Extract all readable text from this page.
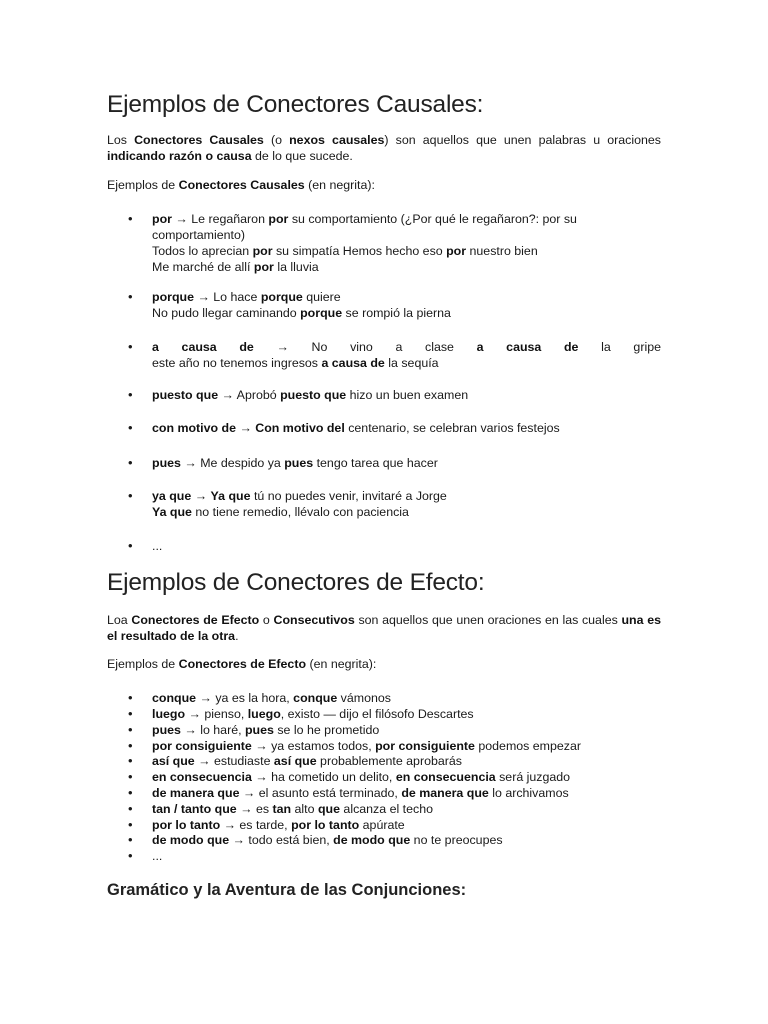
Ejemplos de Conectores Causales:

Los Conectores Causales (o nexos causales) son aquellos que unen palabras u oraciones indicando razón o causa de lo que sucede.

Ejemplos de Conectores Causales (en negrita):

• por → Le regañaron por su comportamiento (¿Por qué le regañaron?: por su comportamiento)
Todos lo aprecian por su simpatía Hemos hecho eso por nuestro bien
Me marché de allí por la lluvia
• porque → Lo hace porque quiere
No pudo llegar caminando porque se rompió la pierna
• a causa de → No vino a clase a causa de la gripe
este año no tenemos ingresos a causa de la sequía
• puesto que → Aprobó puesto que hizo un buen examen
• con motivo de → Con motivo del centenario, se celebran varios festejos
• pues → Me despido ya pues tengo tarea que hacer
• ya que → Ya que tú no puedes venir, invitaré a Jorge
Ya que no tiene remedio, llévalo con paciencia
• ...
Ejemplos de Conectores de Efecto:

Loa Conectores de Efecto o Consecutivos son aquellos que unen oraciones en las cuales una es el resultado de la otra.

Ejemplos de Conectores de Efecto (en negrita):

• conque → ya es la hora, conque vámonos
• luego → pienso, luego, existo — dijo el filósofo Descartes
• pues → lo haré, pues se lo he prometido
• por consiguiente → ya estamos todos, por consiguiente podemos empezar
• así que → estudiaste así que probablemente aprobarás
• en consecuencia → ha cometido un delito, en consecuencia será juzgado
• de manera que → el asunto está terminado, de manera que lo archivamos
• tan / tanto que → es tan alto que alcanza el techo
• por lo tanto → es tarde, por lo tanto apúrate
• de modo que → todo está bien, de modo que no te preocupes
• ...
Gramático y la Aventura de las Conjunciones:
